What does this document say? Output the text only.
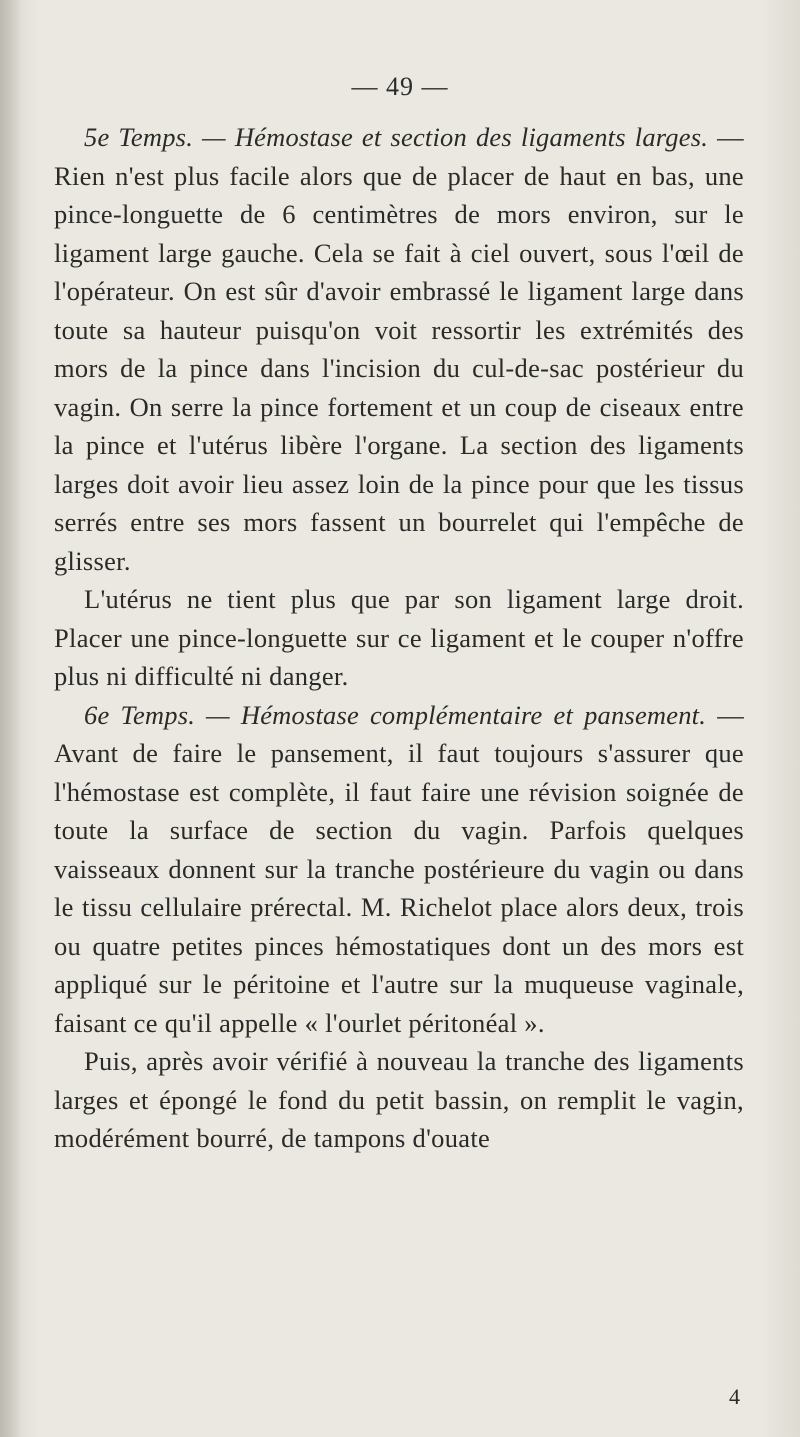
— 49 —

5e Temps. — Hémostase et section des ligaments larges. — Rien n'est plus facile alors que de placer de haut en bas, une pince-longuette de 6 centimètres de mors environ, sur le ligament large gauche. Cela se fait à ciel ouvert, sous l'œil de l'opérateur. On est sûr d'avoir embrassé le ligament large dans toute sa hauteur puisqu'on voit ressortir les extrémités des mors de la pince dans l'incision du cul-de-sac postérieur du vagin. On serre la pince fortement et un coup de ciseaux entre la pince et l'utérus libère l'organe. La section des ligaments larges doit avoir lieu assez loin de la pince pour que les tissus serrés entre ses mors fassent un bourrelet qui l'empêche de glisser.

L'utérus ne tient plus que par son ligament large droit. Placer une pince-longuette sur ce ligament et le couper n'offre plus ni difficulté ni danger.

6e Temps. — Hémostase complémentaire et pansement. — Avant de faire le pansement, il faut toujours s'assurer que l'hémostase est complète, il faut faire une révision soignée de toute la surface de section du vagin. Parfois quelques vaisseaux donnent sur la tranche postérieure du vagin ou dans le tissu cellulaire prérectal. M. Richelot place alors deux, trois ou quatre petites pinces hémostatiques dont un des mors est appliqué sur le péritoine et l'autre sur la muqueuse vaginale, faisant ce qu'il appelle « l'ourlet péritonéal ».

Puis, après avoir vérifié à nouveau la tranche des ligaments larges et épongé le fond du petit bassin, on remplit le vagin, modérément bourré, de tampons d'ouate

4
